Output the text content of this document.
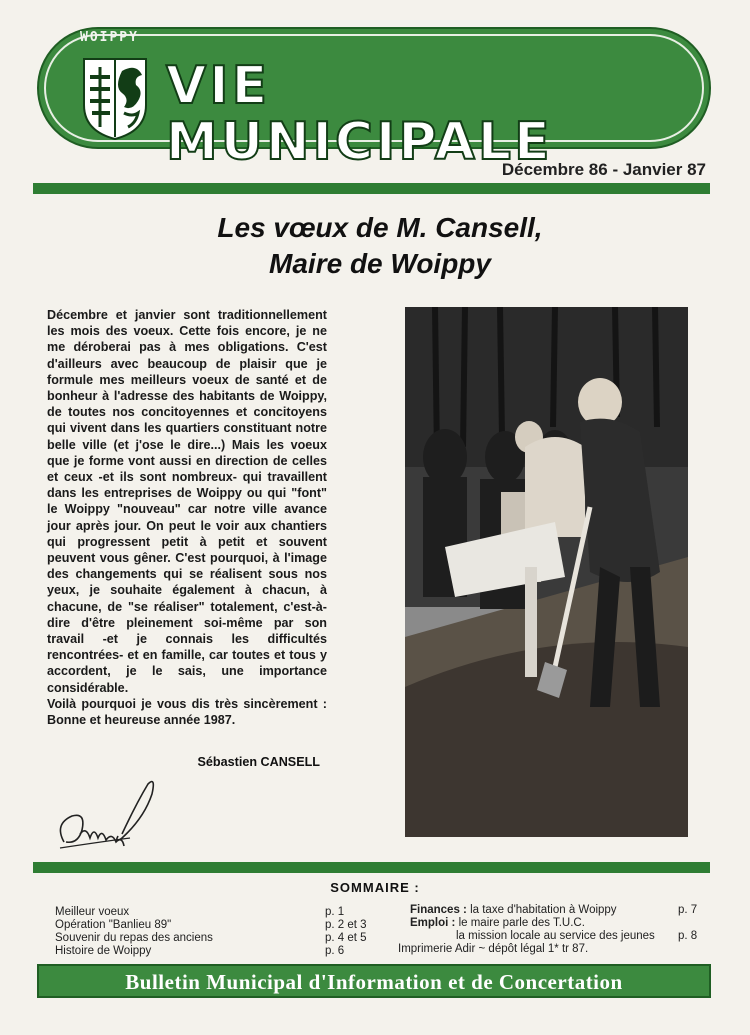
WOIPPY
VIE MUNICIPALE
Décembre 86 - Janvier 87
Les vœux de M. Cansell,
Maire de Woippy

Décembre et janvier sont traditionnellement les mois des voeux. Cette fois encore, je ne me déroberai pas à mes obligations. C'est d'ailleurs avec beaucoup de plaisir que je formule mes meilleurs voeux de santé et de bonheur à l'adresse des habitants de Woippy, de toutes nos concitoyennes et concitoyens qui vivent dans les quartiers constituant notre belle ville (et j'ose le dire...) Mais les voeux que je forme vont aussi en direction de celles et ceux -et ils sont nombreux- qui travaillent dans les entreprises de Woippy ou qui "font" le Woippy "nouveau" car notre ville avance jour après jour. On peut le voir aux chantiers qui progressent petit à petit et souvent peuvent vous gêner. C'est pourquoi, à l'image des changements qui se réalisent sous nos yeux, je souhaite également à chacun, à chacune, de "se réaliser" totalement, c'est-à-dire d'être pleinement soi-même par son travail -et je connais les difficultés rencontrées- et en famille, car toutes et tous y accordent, je le sais, une importance considérable.

Voilà pourquoi je vous dis très sincèrement : Bonne et heureuse année 1987.

Sébastien CANSELL
SOMMAIRE :
Meilleur voeux	p. 1
Opération "Banlieu 89"	p. 2 et 3
Souvenir du repas des anciens	p. 4 et 5
Histoire de Woippy	p. 6
Finances : la taxe d'habitation à Woippy	p. 7
Emploi : le maire parle des T.U.C.
la mission locale au service des jeunes p. 8
Imprimerie Adir ~ dépôt légal 1* tr 87.
Bulletin Municipal d'Information et de Concertation
